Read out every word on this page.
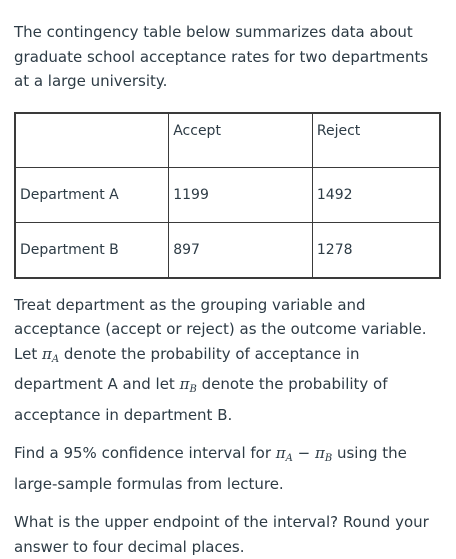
The contingency table below summarizes data about graduate school acceptance rates for two departments at a large university.

	Accept	Reject

Department A	1199	1492

Department B	897	1278

Treat department as the grouping variable and acceptance (accept or reject) as the outcome variable. Let $\pi_A$ denote the probability of acceptance in department A and let $\pi_B$ denote the probability of acceptance in department B.

Find a 95% confidence interval for $\pi_A - \pi_B$ using the large-sample formulas from lecture.

What is the upper endpoint of the interval? Round your answer to four decimal places.
